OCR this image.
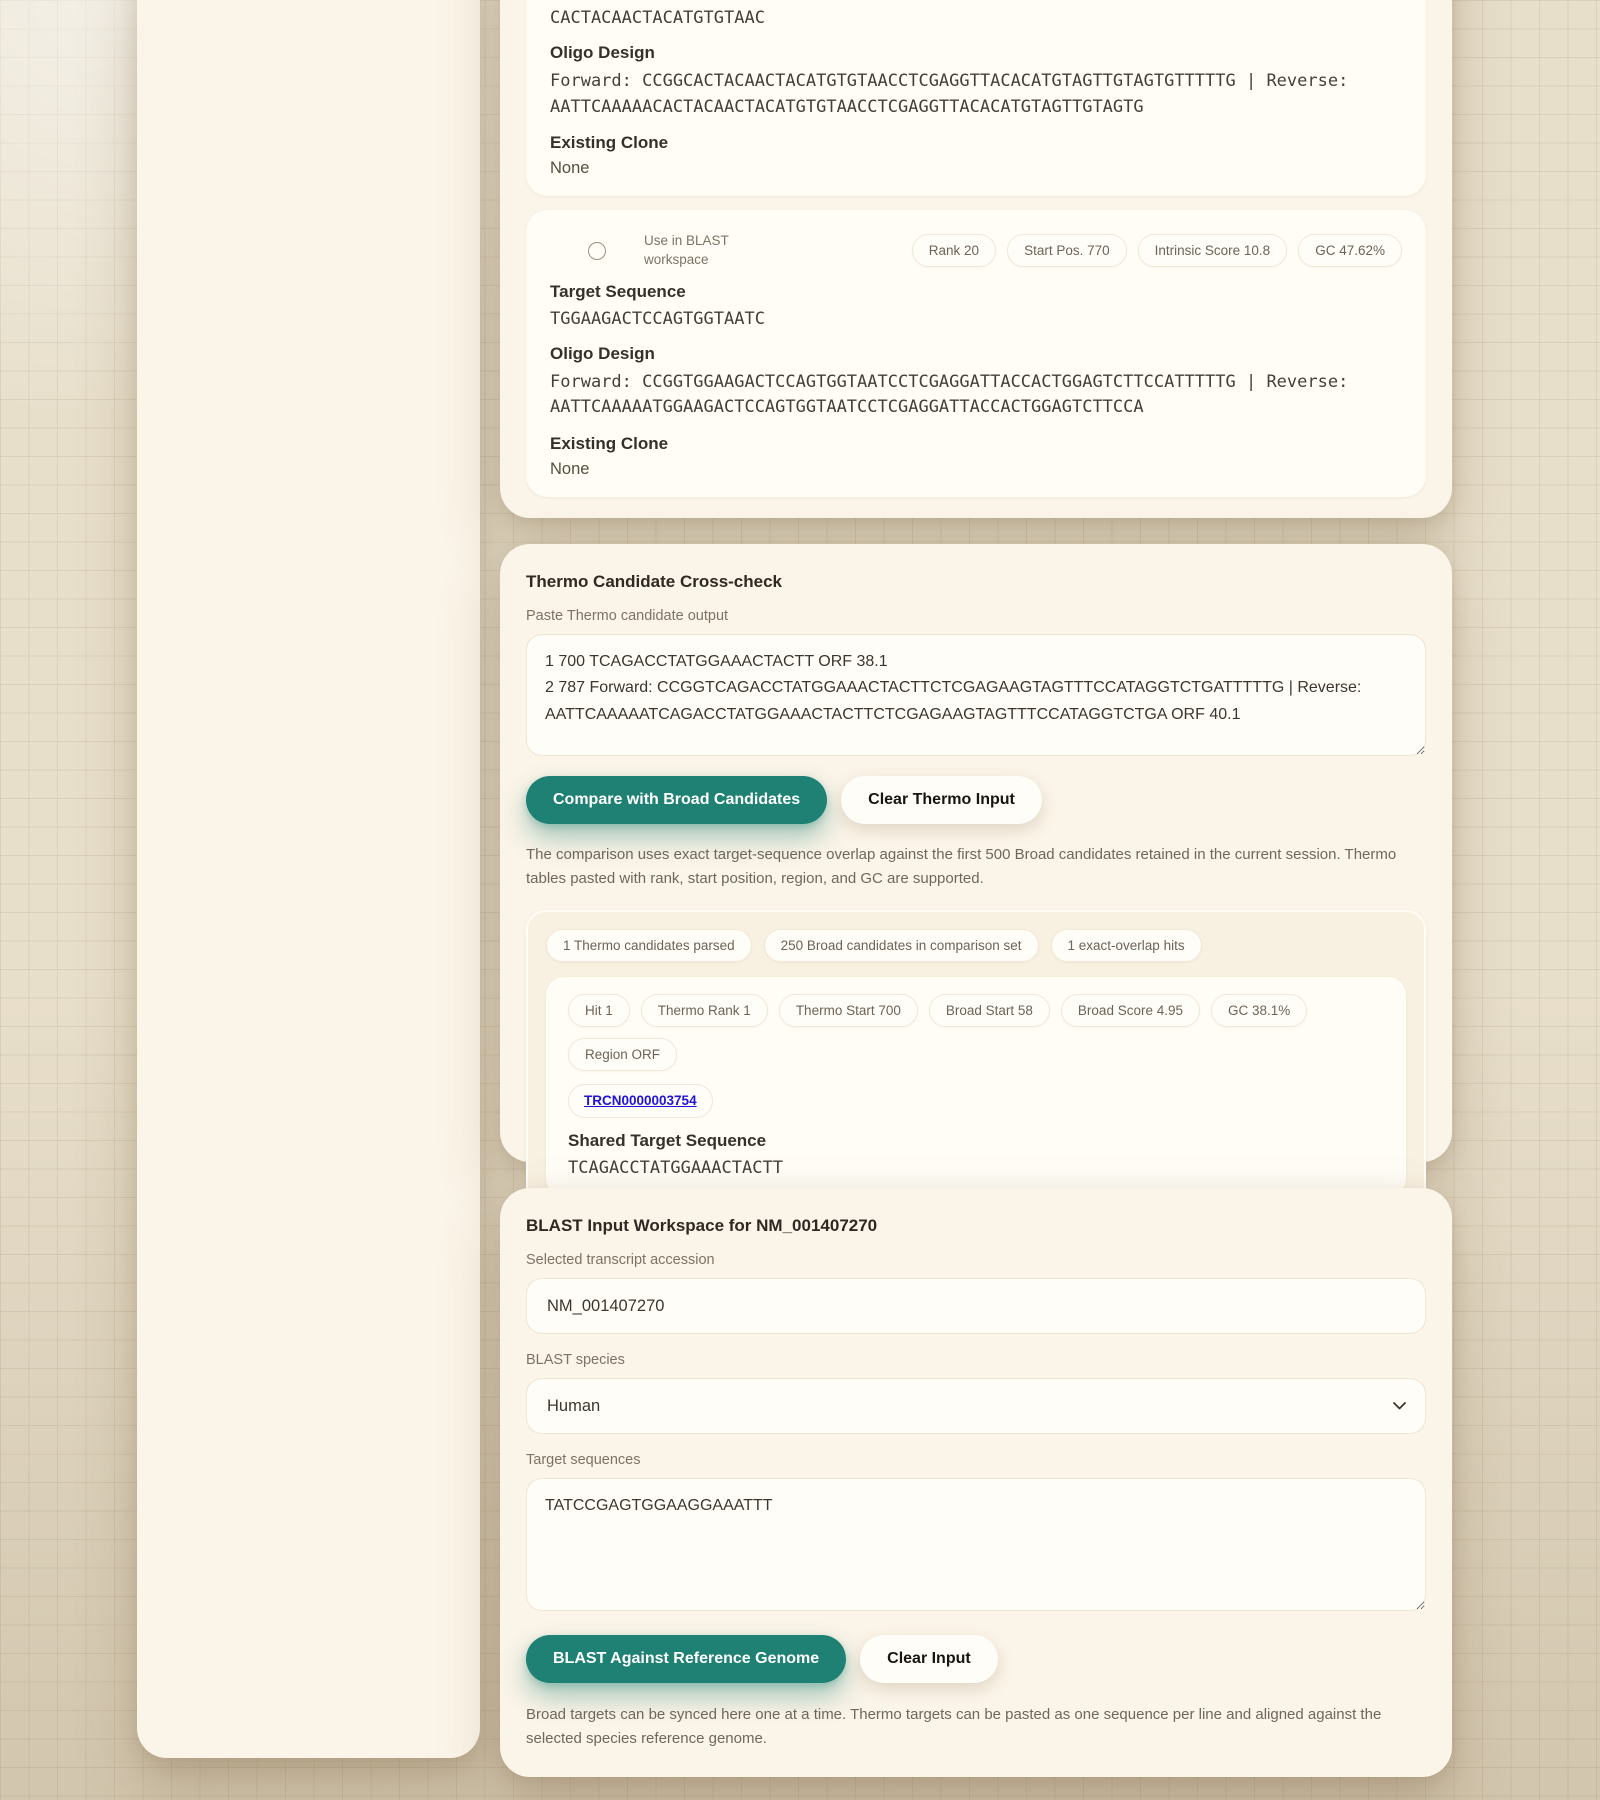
CACTACAACTACATGTGTAAC
Oligo Design
Forward: CCGGCACTACAACTACATGTGTAACCTCGAGGTTACACATGTAGTTGTAGTGTTTTTG | Reverse: AATTCAAAAACACTACAACTACATGTGTAACCTCGAGGTTACACATGTAGTTGTAGTG
Existing Clone
None
Use in BLAST workspace
Rank 20	Start Pos. 770	Intrinsic Score 10.8	GC 47.62%
Target Sequence
TGGAAGACTCCAGTGGTAATC
Oligo Design
Forward: CCGGTGGAAGACTCCAGTGGTAATCCTCGAGGATTACCACTGGAGTCTTCCATTTTTG | Reverse: AATTCAAAAATGGAAGACTCCAGTGGTAATCCTCGAGGATTACCACTGGAGTCTTCCA
Existing Clone
None
Thermo Candidate Cross-check
Paste Thermo candidate output
1 700 TCAGACCTATGGAAACTACTT ORF 38.1 2 787 Forward: CCGGTCAGACCTATGGAAACTACTTCTCGAGAAGTAGTTTCCATAGGTCTGATTTTTG | Reverse: AATTCAAAAATCAGACCTATGGAAACTACTTCTCGAGAAGTAGTTTCCATAGGTCTGA ORF 40.1
Compare with Broad Candidates	Clear Thermo Input
The comparison uses exact target-sequence overlap against the first 500 Broad candidates retained in the current session. Thermo tables pasted with rank, start position, region, and GC are supported.
1 Thermo candidates parsed	250 Broad candidates in comparison set	1 exact-overlap hits
Hit 1	Thermo Rank 1	Thermo Start 700	Broad Start 58	Broad Score 4.95	GC 38.1%
Region ORF
TRCN0000003754
Shared Target Sequence
TCAGACCTATGGAAACTACTT
BLAST Input Workspace for NM_001407270
Selected transcript accession
NM_001407270
BLAST species
Human
Target sequences
TATCCGAGTGGAAGGAAATTT
BLAST Against Reference Genome	Clear Input
Broad targets can be synced here one at a time. Thermo targets can be pasted as one sequence per line and aligned against the selected species reference genome.
